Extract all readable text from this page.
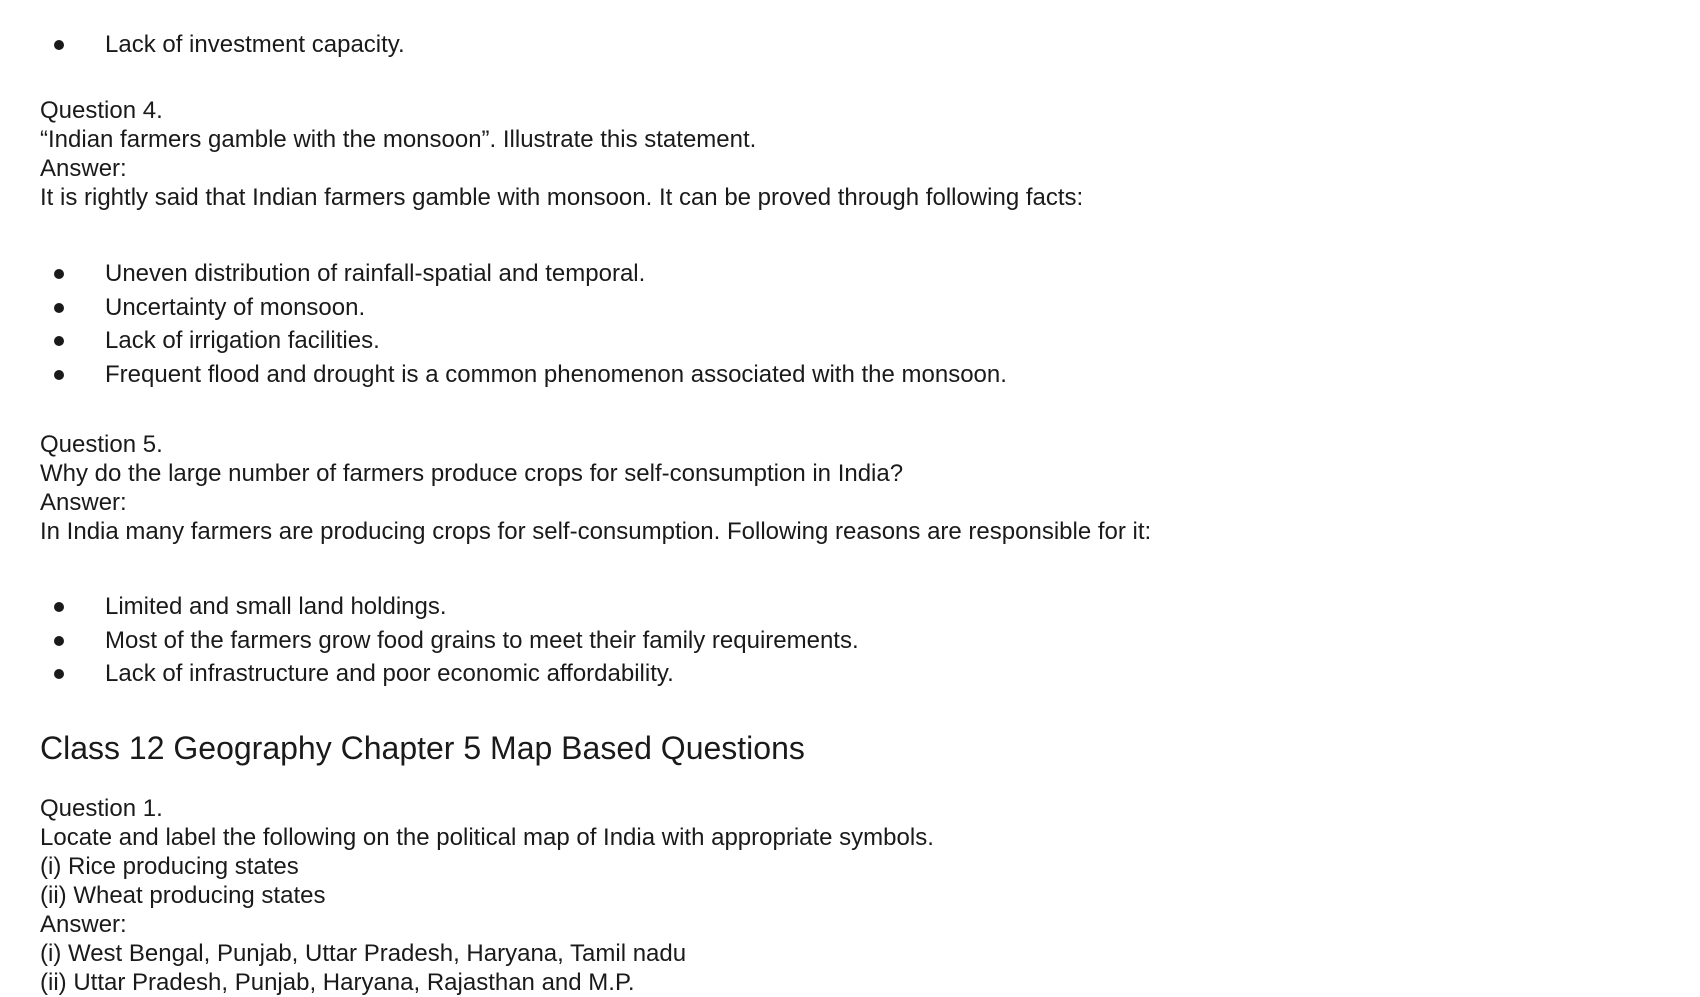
Lack of investment capacity.
Question 4.
“Indian farmers gamble with the monsoon”. Illustrate this statement.
Answer:
It is rightly said that Indian farmers gamble with monsoon. It can be proved through following facts:
Uneven distribution of rainfall-spatial and temporal.
Uncertainty of monsoon.
Lack of irrigation facilities.
Frequent flood and drought is a common phenomenon associated with the monsoon.
Question 5.
Why do the large number of farmers produce crops for self-consumption in India?
Answer:
In India many farmers are producing crops for self-consumption. Following reasons are responsible for it:
Limited and small land holdings.
Most of the farmers grow food grains to meet their family requirements.
Lack of infrastructure and poor economic affordability.
Class 12 Geography Chapter 5 Map Based Questions
Question 1.
Locate and label the following on the political map of India with appropriate symbols.
(i) Rice producing states
(ii) Wheat producing states
Answer:
(i) West Bengal, Punjab, Uttar Pradesh, Haryana, Tamil nadu
(ii) Uttar Pradesh, Punjab, Haryana, Rajasthan and M.P.
